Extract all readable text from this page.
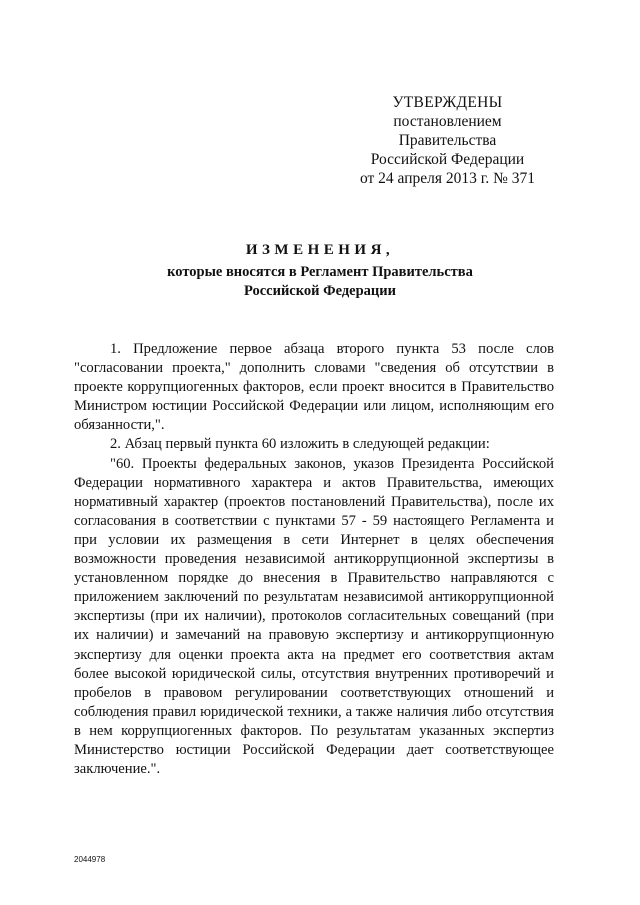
УТВЕРЖДЕНЫ
постановлением Правительства
Российской Федерации
от 24 апреля 2013 г. № 371
ИЗМЕНЕНИЯ,
которые вносятся в Регламент Правительства
Российской Федерации

1. Предложение первое абзаца второго пункта 53 после слов "согласовании проекта," дополнить словами "сведения об отсутствии в проекте коррупциогенных факторов, если проект вносится в Правительство Министром юстиции Российской Федерации или лицом, исполняющим его обязанности,".

2. Абзац первый пункта 60 изложить в следующей редакции:

"60. Проекты федеральных законов, указов Президента Российской Федерации нормативного характера и актов Правительства, имеющих нормативный характер (проектов постановлений Правительства), после их согласования в соответствии с пунктами 57 - 59 настоящего Регламента и при условии их размещения в сети Интернет в целях обеспечения возможности проведения независимой антикоррупционной экспертизы в установленном порядке до внесения в Правительство направляются с приложением заключений по результатам независимой антикоррупционной экспертизы (при их наличии), протоколов согласительных совещаний (при их наличии) и замечаний на правовую экспертизу и антикоррупционную экспертизу для оценки проекта акта на предмет его соответствия актам более высокой юридической силы, отсутствия внутренних противоречий и пробелов в правовом регулировании соответствующих отношений и соблюдения правил юридической техники, а также наличия либо отсутствия в нем коррупциогенных факторов. По результатам указанных экспертиз Министерство юстиции Российской Федерации дает соответствующее заключение.".

2044978
